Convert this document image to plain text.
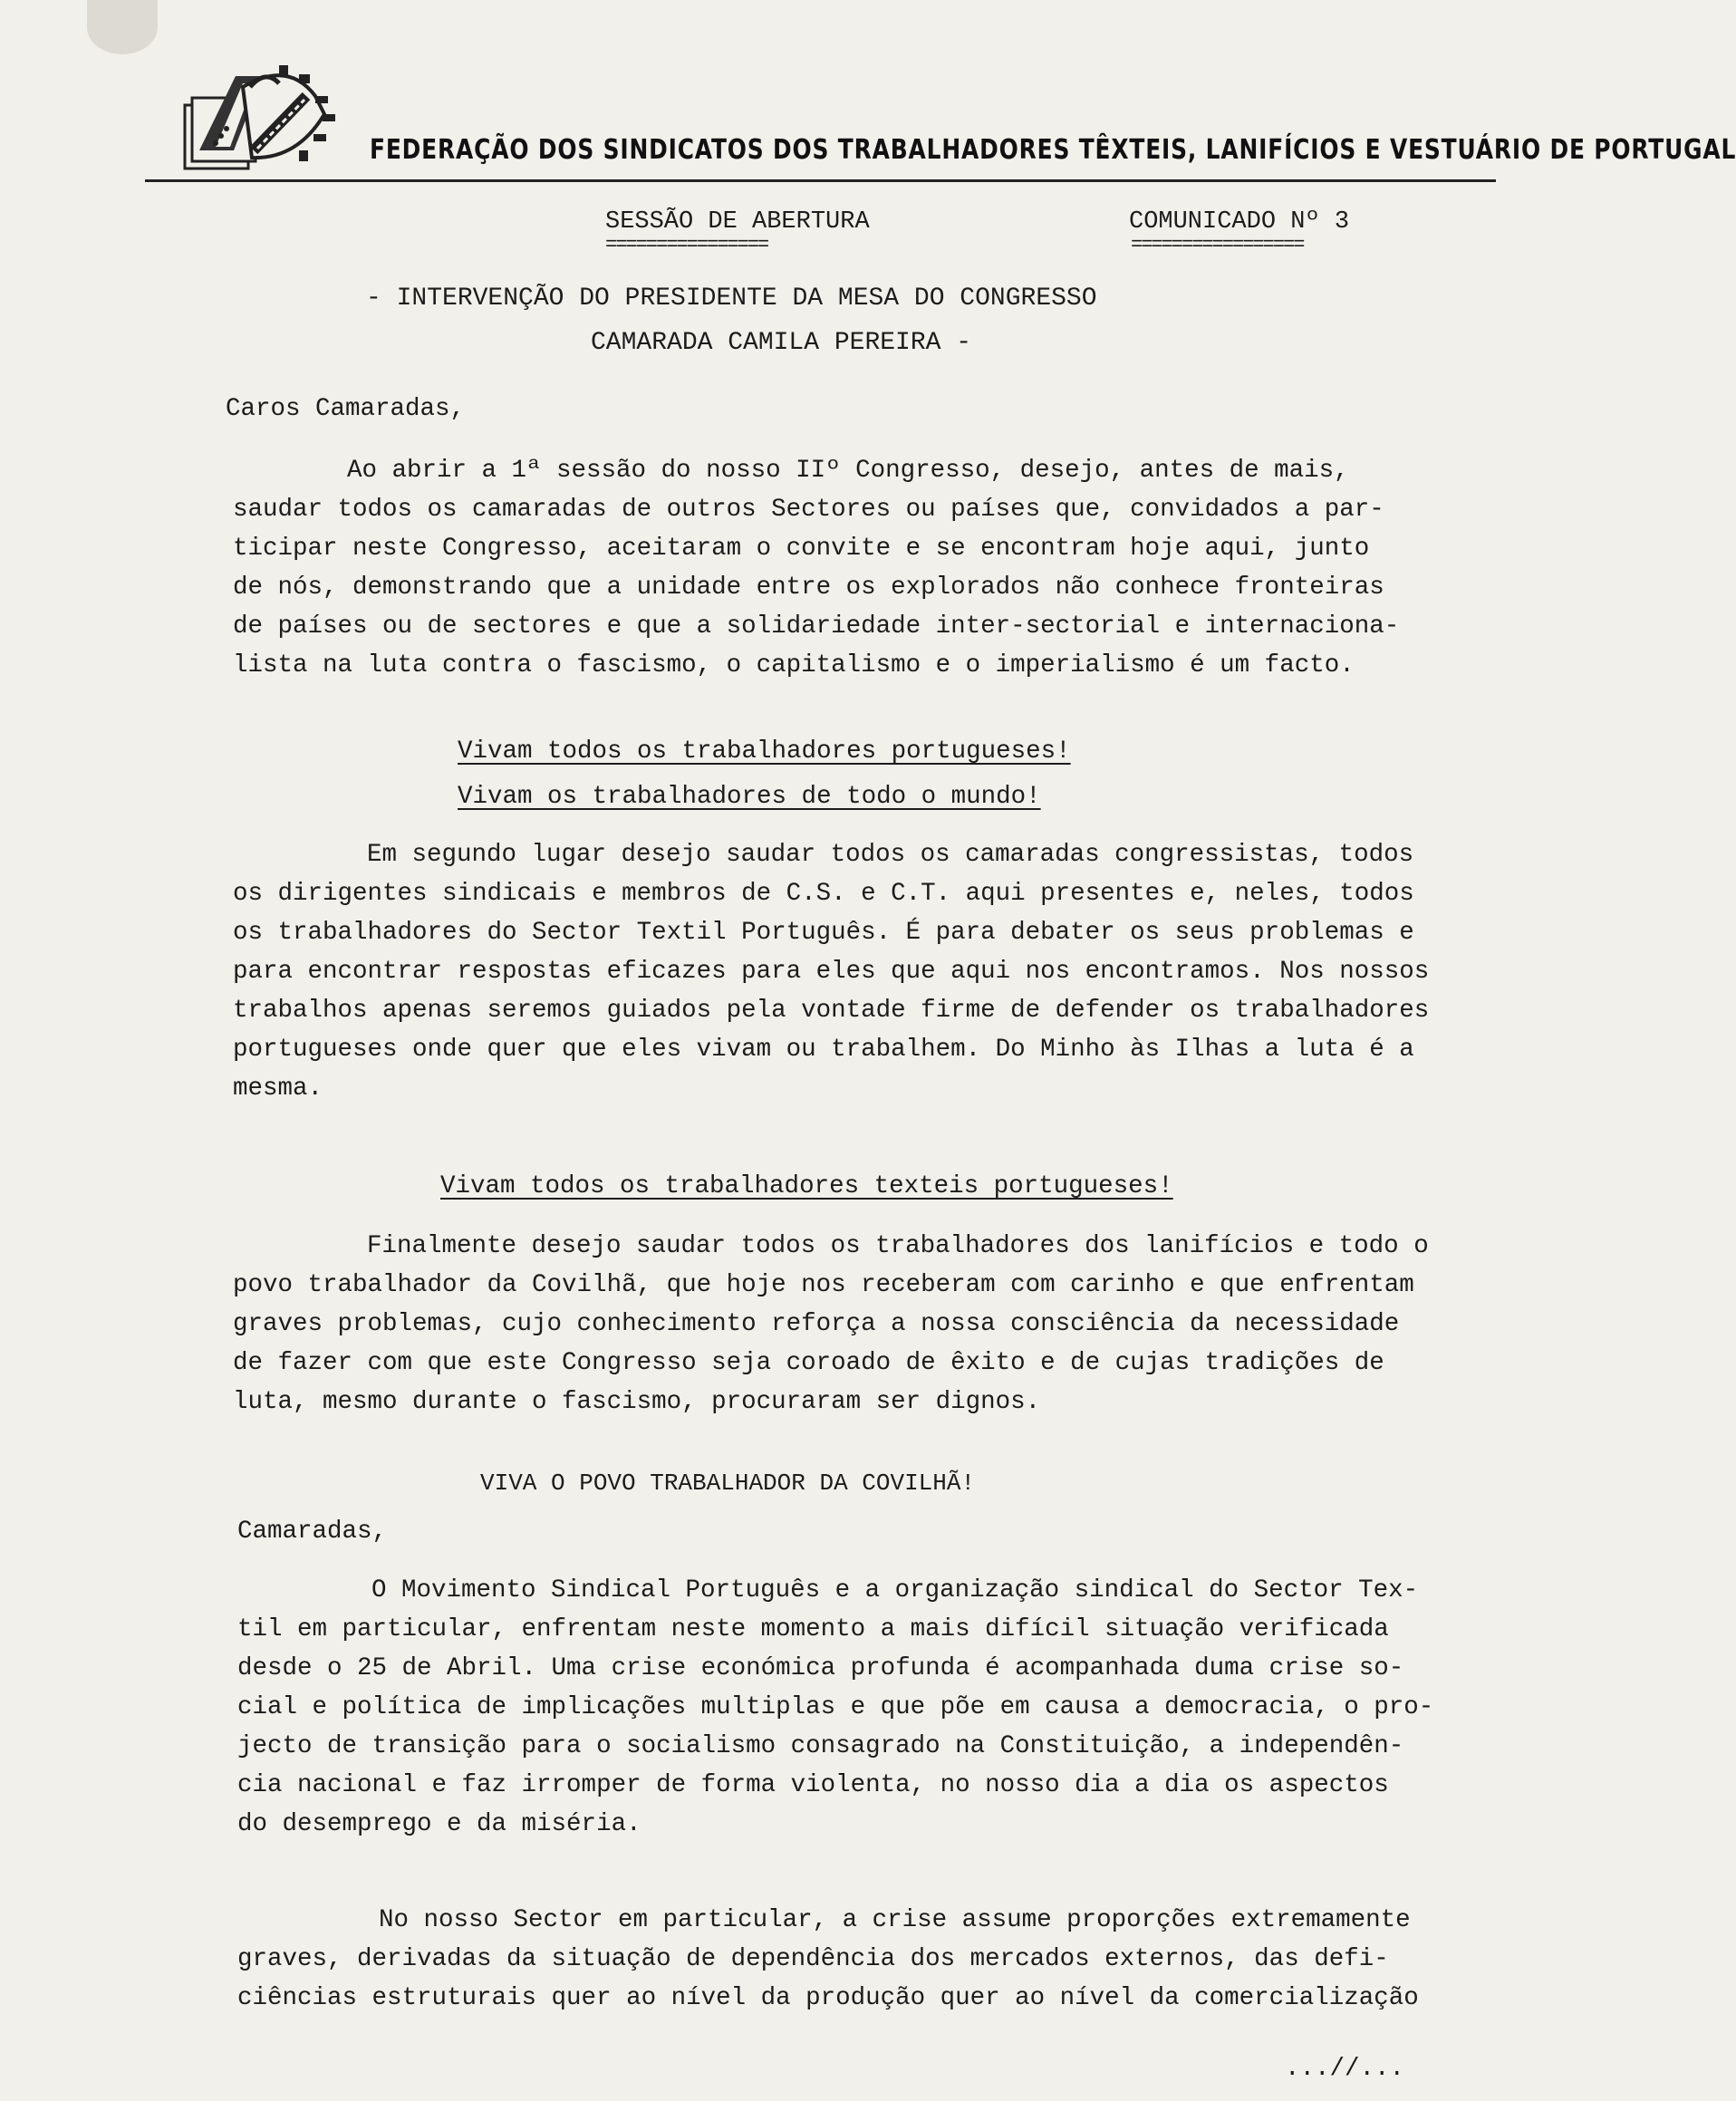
FEDERAÇÃO DOS SINDICATOS DOS TRABALHADORES TÊXTEIS, LANIFÍCIOS E VESTUÁRIO DE PORTUGAL
SESSÃO DE ABERTURA
================
COMUNICADO Nº 3
=================
- INTERVENÇÃO DO PRESIDENTE DA MESA DO CONGRESSO
CAMARADA CAMILA PEREIRA -
Caros Camaradas,

Ao abrir a 1ª sessão do nosso IIº Congresso, desejo, antes de mais,
saudar todos os camaradas de outros Sectores ou países que, convidados a par-
ticipar neste Congresso, aceitaram o convite e se encontram hoje aqui, junto
de nós, demonstrando que a unidade entre os explorados não conhece fronteiras
de países ou de sectores e que a solidariedade inter-sectorial e internaciona-
lista na luta contra o fascismo, o capitalismo e o imperialismo é um facto.

Vivam todos os trabalhadores portugueses!
Vivam os trabalhadores de todo o mundo!

Em segundo lugar desejo saudar todos os camaradas congressistas, todos
os dirigentes sindicais e membros de C.S. e C.T. aqui presentes e, neles, todos
os trabalhadores do Sector Textil Português. É para debater os seus problemas e
para encontrar respostas eficazes para eles que aqui nos encontramos. Nos nossos
trabalhos apenas seremos guiados pela vontade firme de defender os trabalhadores
portugueses onde quer que eles vivam ou trabalhem. Do Minho às Ilhas a luta é a
mesma.

Vivam todos os trabalhadores texteis portugueses!

Finalmente desejo saudar todos os trabalhadores dos lanifícios e todo o
povo trabalhador da Covilhã, que hoje nos receberam com carinho e que enfrentam
graves problemas, cujo conhecimento reforça a nossa consciência da necessidade
de fazer com que este Congresso seja coroado de êxito e de cujas tradições de
luta, mesmo durante o fascismo, procuraram ser dignos.

VIVA O POVO TRABALHADOR DA COVILHÃ!
Camaradas,

O Movimento Sindical Português e a organização sindical do Sector Tex-
til em particular, enfrentam neste momento a mais difícil situação verificada
desde o 25 de Abril. Uma crise económica profunda é acompanhada duma crise so-
cial e política de implicações multiplas e que põe em causa a democracia, o pro-
jecto de transição para o socialismo consagrado na Constituição, a independên-
cia nacional e faz irromper de forma violenta, no nosso dia a dia os aspectos
do desemprego e da miséria.

No nosso Sector em particular, a crise assume proporções extremamente
graves, derivadas da situação de dependência dos mercados externos, das defi-
ciências estruturais quer ao nível da produção quer ao nível da comercialização

...//...
